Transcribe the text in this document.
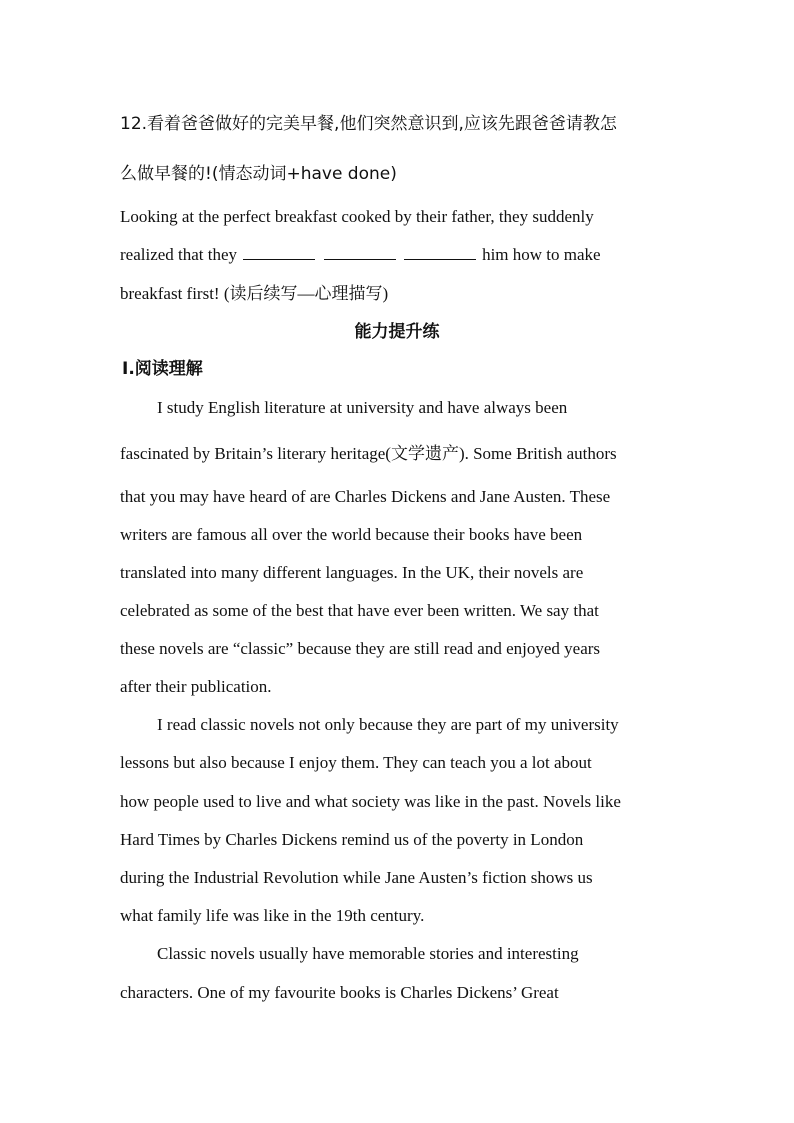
12.看着爸爸做好的完美早餐,他们突然意识到,应该先跟爸爸请教怎
么做早餐的!(情态动词+have done)
Looking at the perfect breakfast cooked by their father, they suddenly
realized that they	him how to make
breakfast first! (读后续写—心理描写)
能力提升练
Ⅰ.阅读理解
I study English literature at university and have always been
fascinated by Britain’s literary heritage(文学遗产). Some British authors
that you may have heard of are Charles Dickens and Jane Austen. These
writers are famous all over the world because their books have been
translated into many different languages. In the UK, their novels are
celebrated as some of the best that have ever been written. We say that
these novels are “classic” because they are still read and enjoyed years
after their publication.
I read classic novels not only because they are part of my university
lessons but also because I enjoy them. They can teach you a lot about
how people used to live and what society was like in the past. Novels like
Hard Times by Charles Dickens remind us of the poverty in London
during the Industrial Revolution while Jane Austen’s fiction shows us
what family life was like in the 19th century.
Classic novels usually have memorable stories and interesting
characters. One of my favourite books is Charles Dickens’ Great
